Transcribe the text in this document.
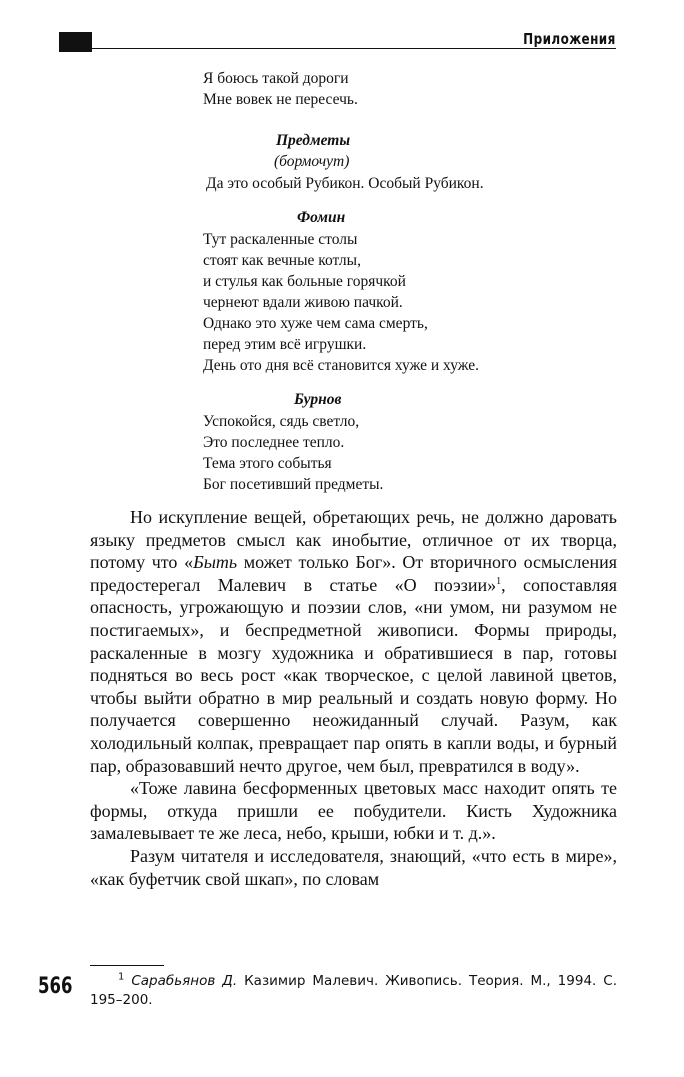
Приложения
Я боюсь такой дороги
Мне вовек не пересечь.
Предметы
(бормочут)
Да это особый Рубикон. Особый Рубикон.
Фомин
Тут раскаленные столы
стоят как вечные котлы,
и стулья как больные горячкой
чернеют вдали живою пачкой.
Однако это хуже чем сама смерть,
перед этим всё игрушки.
День ото дня всё становится хуже и хуже.
Бурнов
Успокойся, сядь светло,
Это последнее тепло.
Тема этого событья
Бог посетивший предметы.

Но искупление вещей, обретающих речь, не должно даровать языку предметов смысл как инобытие, отличное от их творца, потому что «Быть может только Бог». От вторичного осмысления предостерегал Малевич в статье «О поэзии»$^1$, сопоставляя опасность, угрожающую и поэзии слов, «ни умом, ни разумом не постигаемых», и беспредметной живописи. Формы природы, раскаленные в мозгу художника и обратившиеся в пар, готовы подняться во весь рост «как творческое, с целой лавиной цветов, чтобы выйти обратно в мир реальный и создать новую форму. Но получается совершенно неожиданный случай. Разум, как холодильный колпак, превращает пар опять в капли воды, и бурный пар, образовавший нечто другое, чем был, превратился в воду».

«Тоже лавина бесформенных цветовых масс находит опять те формы, откуда пришли ее побудители. Кисть Художника замалевывает те же леса, небо, крыши, юбки и т. д.».

Разум читателя и исследователя, знающий, «что есть в мире», «как буфетчик свой шкап», по словам

$^1$ Сарабьянов Д. Казимир Малевич. Живопись. Теория. М., 1994. С. 195–200.
566
